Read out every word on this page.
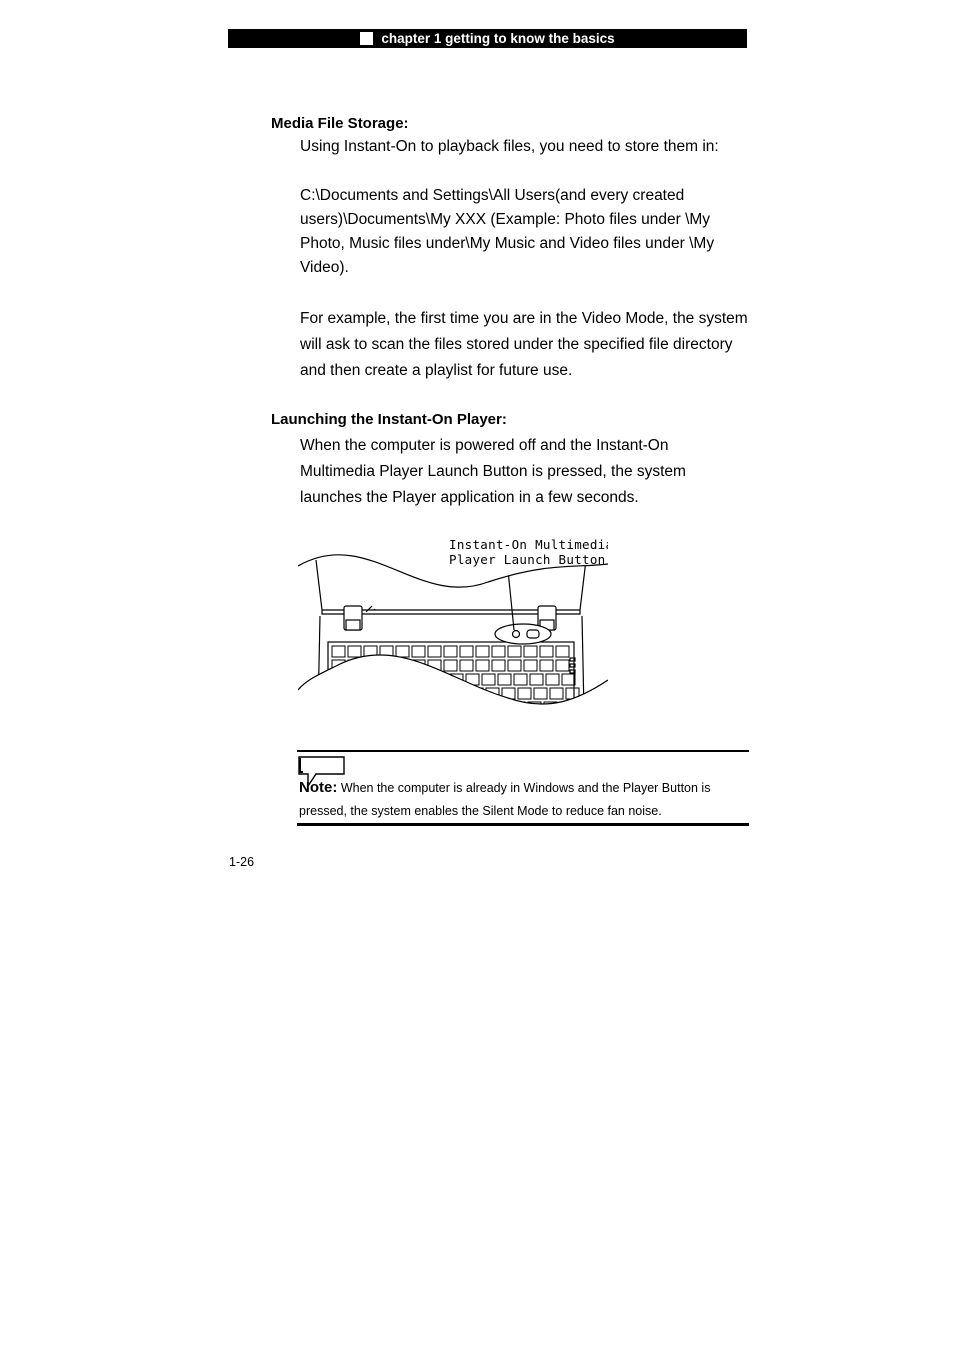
chapter 1 getting to know the basics
Media File Storage:

Using Instant-On to playback files, you need to store them in:

C:\Documents and Settings\All Users(and every created users)\Documents\My XXX (Example: Photo files under \My Photo, Music files under\My Music and Video files under \My Video).

For example, the first time you are in the Video Mode, the system will ask to scan the files stored under the specified file directory and then create a playlist for future use.

Launching the Instant-On Player:

When the computer is powered off and the Instant-On Multimedia Player Launch Button is pressed, the system launches the Player application in a few seconds.

Instant-On Multimedia
Player Launch Button

Note: When the computer is already in Windows and the Player Button is pressed, the system enables the Silent Mode to reduce fan noise.

1-26
